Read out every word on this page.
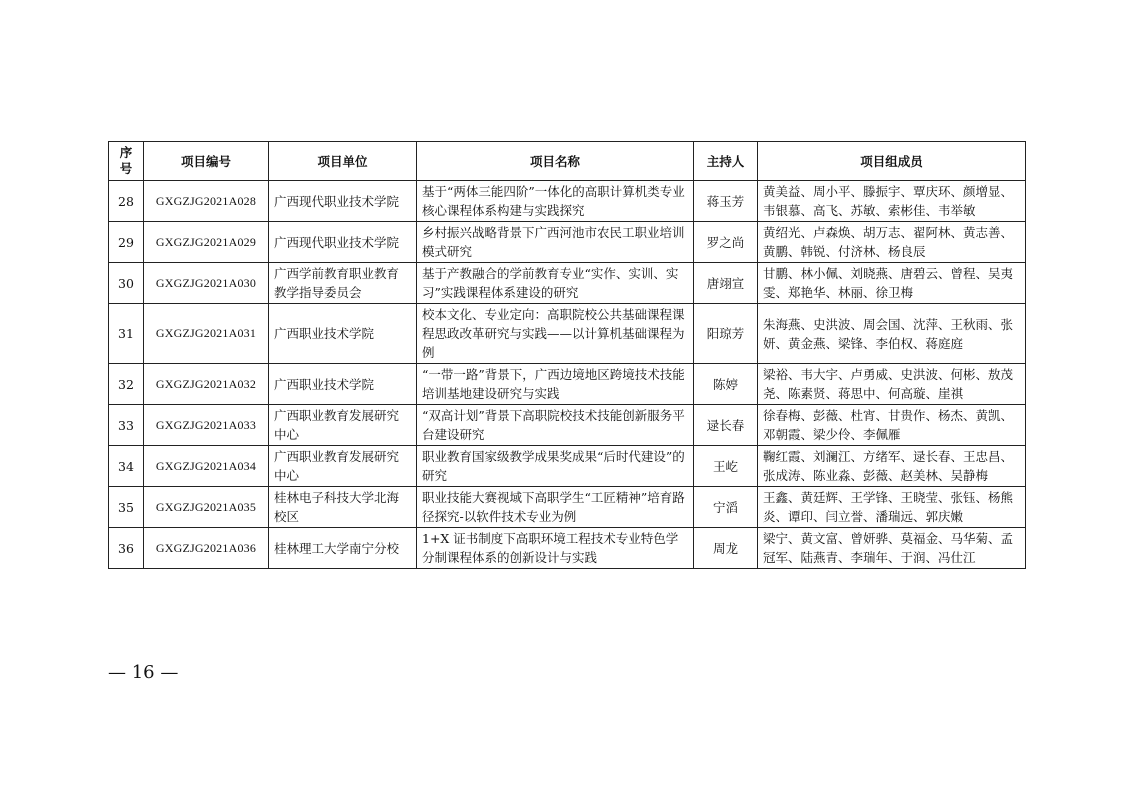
序号	项目编号	项目单位	项目名称	主持人	项目组成员
28	GXGZJG2021A028	广西现代职业技术学院	基于“两体三能四阶”一体化的高职计算机类专业核心课程体系构建与实践探究	蒋玉芳	黄美益、周小平、滕振宇、覃庆环、颜增显、韦银慕、高飞、苏敏、索彬佳、韦举敏
29	GXGZJG2021A029	广西现代职业技术学院	乡村振兴战略背景下广西河池市农民工职业培训模式研究	罗之尚	黄绍光、卢森焕、胡万志、翟阿林、黄志善、黄鹏、韩锐、付济林、杨良辰
30	GXGZJG2021A030	广西学前教育职业教育教学指导委员会	基于产教融合的学前教育专业“实作、实训、实习”实践课程体系建设的研究	唐翊宣	甘鹏、林小佩、刘晓燕、唐碧云、曾程、吴夷雯、郑艳华、林丽、徐卫梅
31	GXGZJG2021A031	广西职业技术学院	校本文化、专业定向：高职院校公共基础课程课程思政改革研究与实践——以计算机基础课程为例	阳琼芳	朱海燕、史洪波、周会国、沈萍、王秋雨、张妍、黄金燕、梁锋、李伯权、蒋庭庭
32	GXGZJG2021A032	广西职业技术学院	“一带一路”背景下，广西边境地区跨境技术技能培训基地建设研究与实践	陈婷	梁裕、韦大宇、卢勇威、史洪波、何彬、敖茂尧、陈素贤、蒋思中、何高璇、崖祺
33	GXGZJG2021A033	广西职业教育发展研究中心	“双高计划”背景下高职院校技术技能创新服务平台建设研究	逯长春	徐春梅、彭薇、杜宵、甘贵作、杨杰、黄凯、邓朝霞、梁少伶、李佩雁
34	GXGZJG2021A034	广西职业教育发展研究中心	职业教育国家级教学成果奖成果“后时代建设”的研究	王屹	鞠红霞、刘澜江、方绪军、逯长春、王忠昌、张成涛、陈业淼、彭薇、赵美林、吴静梅
35	GXGZJG2021A035	桂林电子科技大学北海校区	职业技能大赛视域下高职学生“工匠精神”培育路径探究-以软件技术专业为例	宁滔	王鑫、黄廷辉、王学锋、王晓莹、张钰、杨熊炎、谭印、闫立誉、潘瑞远、郭庆嫩
36	GXGZJG2021A036	桂林理工大学南宁分校	1+X 证书制度下高职环境工程技术专业特色学分制课程体系的创新设计与实践	周龙	梁宁、黄文富、曾妍骅、莫福金、马华菊、孟冠军、陆燕青、李瑞年、于润、冯仕江
— 16 —
